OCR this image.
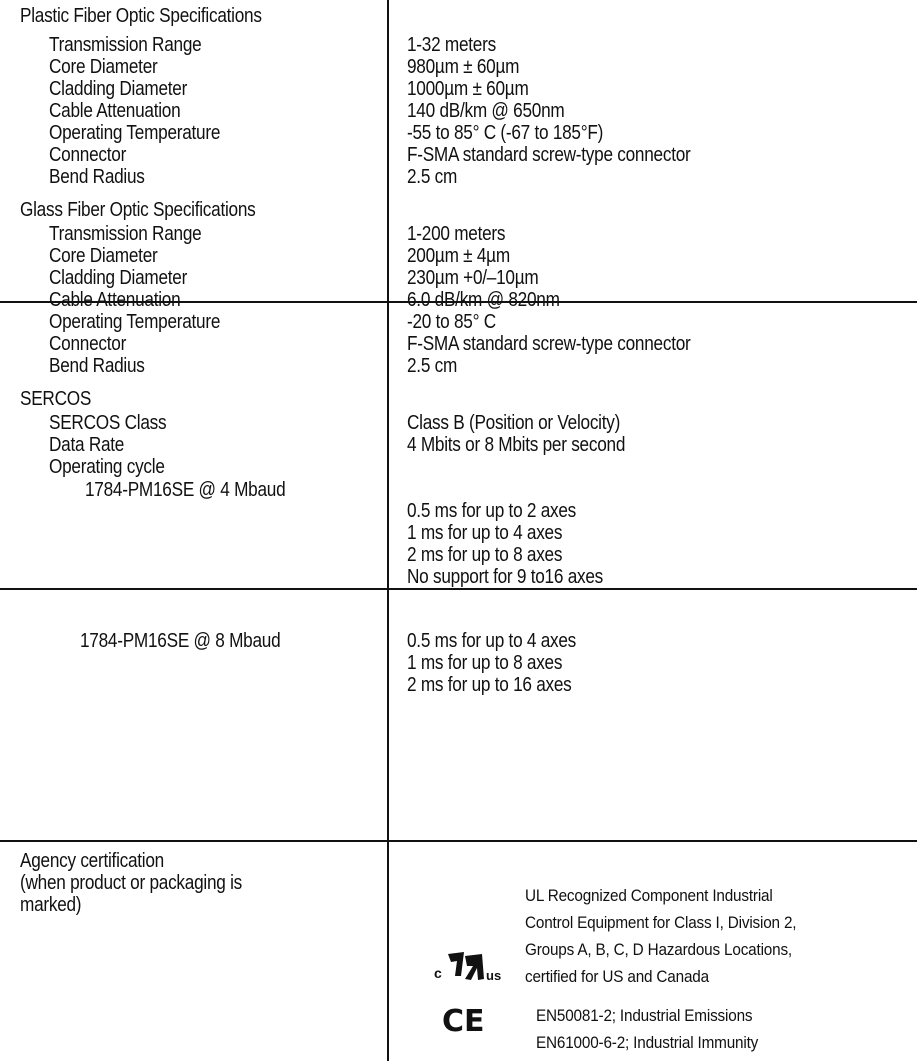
Plastic Fiber Optic Specifications
Transmission Range	1-32 meters
Core Diameter	980µm ± 60µm
Cladding Diameter	1000µm ± 60µm
Cable Attenuation	140 dB/km @ 650nm
Operating Temperature	-55 to 85° C (-67 to 185°F)
Connector	F-SMA standard screw-type connector
Bend Radius	2.5 cm
Glass Fiber Optic Specifications
Transmission Range	1-200 meters
Core Diameter	200µm ± 4µm
Cladding Diameter	230µm +0/–10µm
Cable Attenuation	6.0 dB/km @ 820nm
Operating Temperature	-20 to 85° C
Connector	F-SMA standard screw-type connector
Bend Radius	2.5 cm
SERCOS
SERCOS Class	Class B (Position or Velocity)
Data Rate	4 Mbits or 8 Mbits per second
Operating cycle
1784-PM16SE @ 4 Mbaud
0.5 ms for up to 2 axes
1 ms for up to 4 axes
2 ms for up to 8 axes
No support for 9 to16 axes
1784-PM16SE @ 8 Mbaud	0.5 ms for up to 4 axes
1 ms for up to 8 axes
2 ms for up to 16 axes
Agency certification
(when product or packaging is
marked)
c	us
UL Recognized Component Industrial
Control Equipment for Class I, Division 2,
Groups A, B, C, D Hazardous Locations,
certified for US and Canada
CE	EN50081-2; Industrial Emissions
EN61000-6-2; Industrial Immunity
